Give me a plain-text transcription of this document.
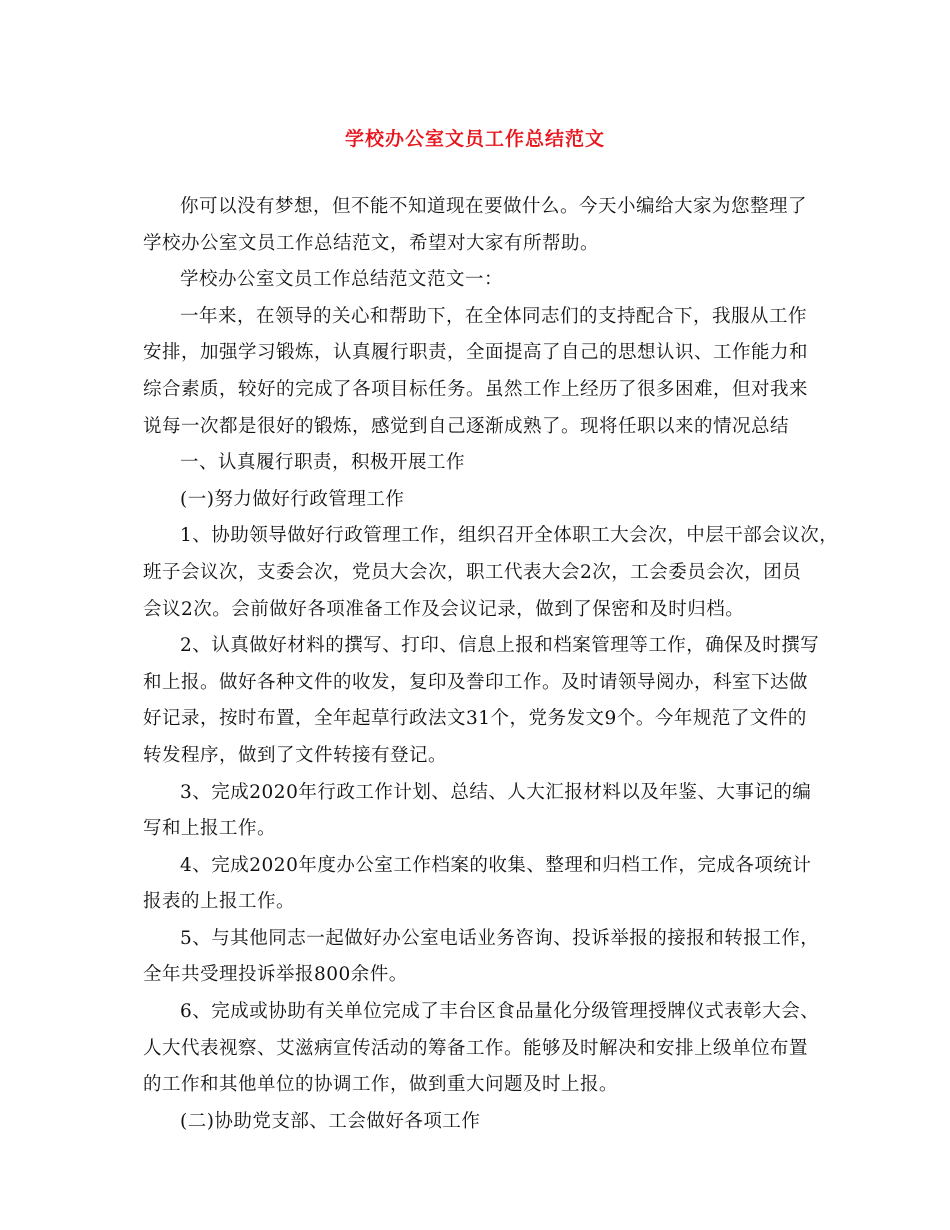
学校办公室文员工作总结范文
你可以没有梦想，但不能不知道现在要做什么。今天小编给大家为您整理了
学校办公室文员工作总结范文，希望对大家有所帮助。
学校办公室文员工作总结范文范文一：
一年来，在领导的关心和帮助下，在全体同志们的支持配合下，我服从工作
安排，加强学习锻炼，认真履行职责，全面提高了自己的思想认识、工作能力和
综合素质，较好的完成了各项目标任务。虽然工作上经历了很多困难，但对我来
说每一次都是很好的锻炼，感觉到自己逐渐成熟了。现将任职以来的情况总结
一、认真履行职责，积极开展工作
(一)努力做好行政管理工作
1、协助领导做好行政管理工作，组织召开全体职工大会次，中层干部会议次，
班子会议次，支委会次，党员大会次，职工代表大会2次，工会委员会次，团员
会议2次。会前做好各项准备工作及会议记录，做到了保密和及时归档。
2、认真做好材料的撰写、打印、信息上报和档案管理等工作，确保及时撰写
和上报。做好各种文件的收发，复印及誊印工作。及时请领导阅办，科室下达做
好记录，按时布置，全年起草行政法文31个，党务发文9个。今年规范了文件的
转发程序，做到了文件转接有登记。
3、完成2020年行政工作计划、总结、人大汇报材料以及年鉴、大事记的编
写和上报工作。
4、完成2020年度办公室工作档案的收集、整理和归档工作，完成各项统计
报表的上报工作。
5、与其他同志一起做好办公室电话业务咨询、投诉举报的接报和转报工作，
全年共受理投诉举报800余件。
6、完成或协助有关单位完成了丰台区食品量化分级管理授牌仪式表彰大会、
人大代表视察、艾滋病宣传活动的筹备工作。能够及时解决和安排上级单位布置
的工作和其他单位的协调工作，做到重大问题及时上报。
(二)协助党支部、工会做好各项工作
